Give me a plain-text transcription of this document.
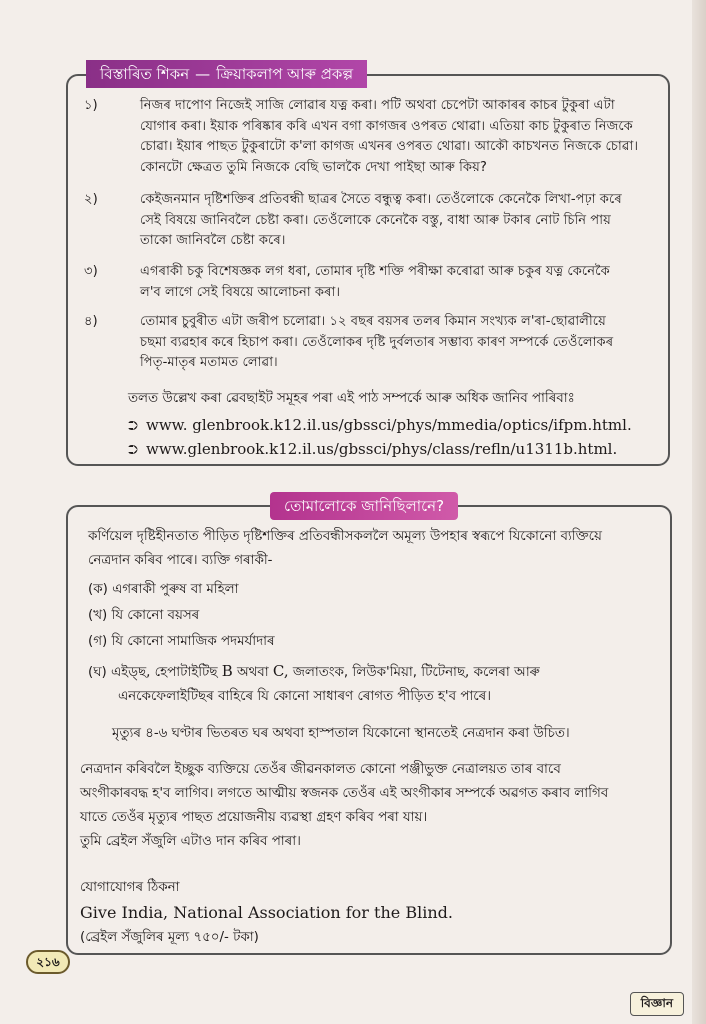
বিস্তাৰিত শিকন — ক্ৰিয়াকলাপ আৰু প্ৰকল্প
১)	নিজৰ দাপোণ নিজেই সাজি লোৱাৰ যত্ন কৰা। পটি অথবা চেপেটা আকাৰৰ কাচৰ টুকুৰা এটা
যোগাৰ কৰা। ইয়াক পৰিষ্কাৰ কৰি এখন বগা কাগজৰ ওপৰত থোৱা। এতিয়া কাচ টুকুৰাত নিজকে
চোৱা। ইয়াৰ পাছত টুকুৰাটো ক'লা কাগজ এখনৰ ওপৰত থোৱা। আকৌ কাচখনত নিজকে চোৱা।
কোনটো ক্ষেত্ৰত তুমি নিজকে বেছি ভালকৈ দেখা পাইছা আৰু কিয়?
২)	কেইজনমান দৃষ্টিশক্তিৰ প্ৰতিবন্ধী ছাত্ৰৰ সৈতে বন্ধুত্ব কৰা। তেওঁলোকে কেনেকৈ লিখা-পঢ়া কৰে
সেই বিষয়ে জানিবলৈ চেষ্টা কৰা। তেওঁলোকে কেনেকৈ বস্তু, বাধা আৰু টকাৰ নোট চিনি পায়
তাকো জানিবলৈ চেষ্টা কৰে।
৩)	এগৰাকী চকু বিশেষজ্ঞক লগ ধৰা, তোমাৰ দৃষ্টি শক্তি পৰীক্ষা কৰোৱা আৰু চকুৰ যত্ন কেনেকৈ
ল'ব লাগে সেই বিষয়ে আলোচনা কৰা।
৪)	তোমাৰ চুবুৰীত এটা জৰীপ চলোৱা। ১২ বছৰ বয়সৰ তলৰ কিমান সংখ্যক ল'ৰা-ছোৱালীয়ে
চছমা ব্যৱহাৰ কৰে হিচাপ কৰা। তেওঁলোকৰ দৃষ্টি দুৰ্বলতাৰ সম্ভাব্য কাৰণ সম্পৰ্কে তেওঁলোকৰ
পিতৃ-মাতৃৰ মতামত লোৱা।
তলত উল্লেখ কৰা ৱেবছাইট সমূহৰ পৰা এই পাঠ সম্পৰ্কে আৰু অধিক জানিব পাৰিবাঃ
⮊ www. glenbrook.k12.il.us/gbssci/phys/mmedia/optics/ifpm.html.
⮊ www.glenbrook.k12.il.us/gbssci/phys/class/refln/u1311b.html.
তোমালোকে জানিছিলানে?
কৰ্ণিয়েল দৃষ্টিহীনতাত পীড়িত দৃষ্টিশক্তিৰ প্ৰতিবন্ধীসকললৈ অমূল্য উপহাৰ স্বৰূপে যিকোনো ব্যক্তিয়ে
নেত্ৰদান কৰিব পাৰে। ব্যক্তি গৰাকী-
(ক) এগৰাকী পুৰুষ বা মহিলা
(খ) যি কোনো বয়সৰ
(গ) যি কোনো সামাজিক পদমৰ্যাদাৰ
(ঘ) এইড্ছ, হেপাটাইটিছ B অথবা C, জলাতংক, লিউক'মিয়া, টিটেনাছ, কলেৰা আৰু
এনকেফেলাইটিছৰ বাহিৰে যি কোনো সাধাৰণ ৰোগত পীড়িত হ'ব পাৰে।
মৃত্যুৰ ৪-৬ ঘণ্টাৰ ভিতৰত ঘৰ অথবা হাস্পতাল যিকোনো স্থানতেই নেত্ৰদান কৰা উচিত।
নেত্ৰদান কৰিবলৈ ইচ্ছুক ব্যক্তিয়ে তেওঁৰ জীৱনকালত কোনো পঞ্জীভুক্ত নেত্ৰালয়ত তাৰ বাবে
অংগীকাৰবদ্ধ হ'ব লাগিব। লগতে আত্মীয় স্বজনক তেওঁৰ এই অংগীকাৰ সম্পৰ্কে অৱগত কৰাব লাগিব
যাতে তেওঁৰ মৃত্যুৰ পাছত প্ৰয়োজনীয় ব্যৱস্থা গ্ৰহণ কৰিব পৰা যায়।
তুমি ব্ৰেইল সঁজুলি এটাও দান কৰিব পাৰা।
যোগাযোগৰ ঠিকনা
Give India, National Association for the Blind.
(ব্ৰেইল সঁজুলিৰ মূল্য ৭৫০/- টকা)
২১৬
বিজ্ঞান
